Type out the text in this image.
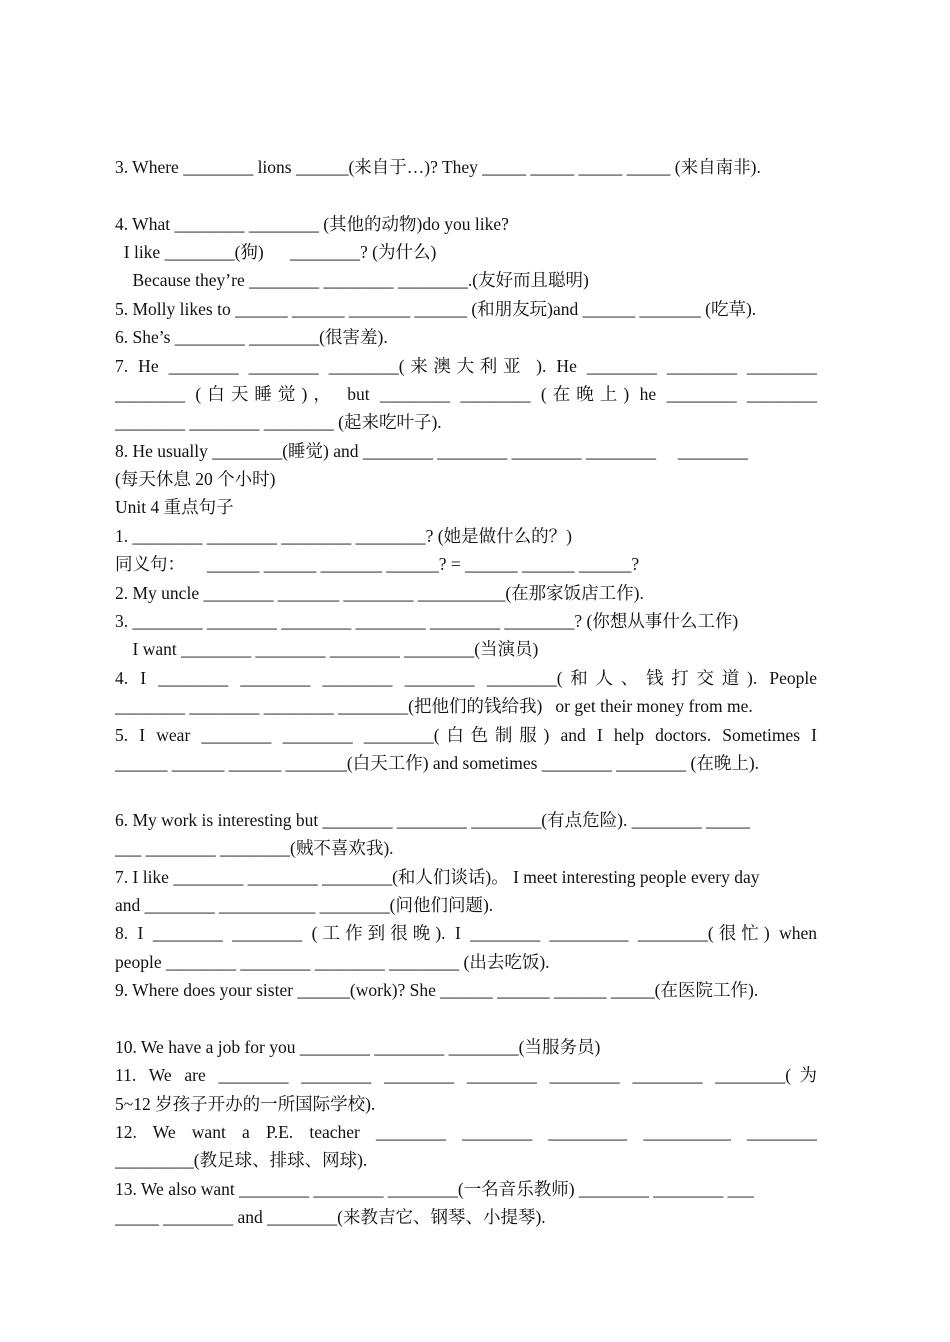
3. Where ________ lions ______(来自于…)? They _____ _____ _____ _____ (来自南非).
4. What ________ ________ (其他的动物)do you like?
I like ________(狗)      ________? (为什么)
Because they’re ________ ________ ________.(友好而且聪明)
5. Molly likes to ______ ______ _______ ______ (和朋友玩)and ______ _______ (吃草).
6. She’s ________ ________(很害羞).
7. He ________ ________ ________(来澳大利亚 ). He ________ ________ ________
________ (白天睡觉)， but ________ ________ (在晚上) he ________ ________
________ ________ ________ (起来吃叶子).
8. He usually ________(睡觉) and ________ ________ ________ ________     ________
(每天休息 20 个小时)
Unit 4 重点句子
1. ________ ________ ________ ________? (她是做什么的？)
同义句：     ______ ______ _______ ______? = ______ ______ ______?
2. My uncle ________ _______ ________ __________(在那家饭店工作).
3. ________ ________ ________ ________ ________ ________? (你想从事什么工作)
I want ________ ________ ________ ________(当演员)
4. I ________ ________ ________ ________ ________(和人、钱打交道). People
________ ________ ________ ________(把他们的钱给我)   or get their money from me.
5. I wear ________ ________ ________(白色制服) and I help doctors. Sometimes I
______ ______ ______ _______(白天工作) and sometimes ________ ________ (在晚上).
6. My work is interesting but ________ ________ ________(有点危险). ________ _____
___ ________ ________(贼不喜欢我).
7. I like ________ ________ ________(和人们谈话)。 I meet interesting people every day
and ________ ___________ ________(问他们问题).
8. I ________ ________ (工作到很晚). I ________ _________ ________(很忙) when
people ________ ________ ________ ________ (出去吃饭).
9. Where does your sister ______(work)? She ______ ______ ______ _____(在医院工作).
10. We have a job for you ________ ________ ________(当服务员)
11. We are ________ ________ ________ ________ ________ ________ ________(为
5~12 岁孩子开办的一所国际学校).
12. We want a P.E. teacher ________ ________ _________ __________ ________
_________(教足球、排球、网球).
13. We also want ________ ________ ________(一名音乐教师) ________ ________ ___
_____ ________ and ________(来教吉它、钢琴、小提琴).
